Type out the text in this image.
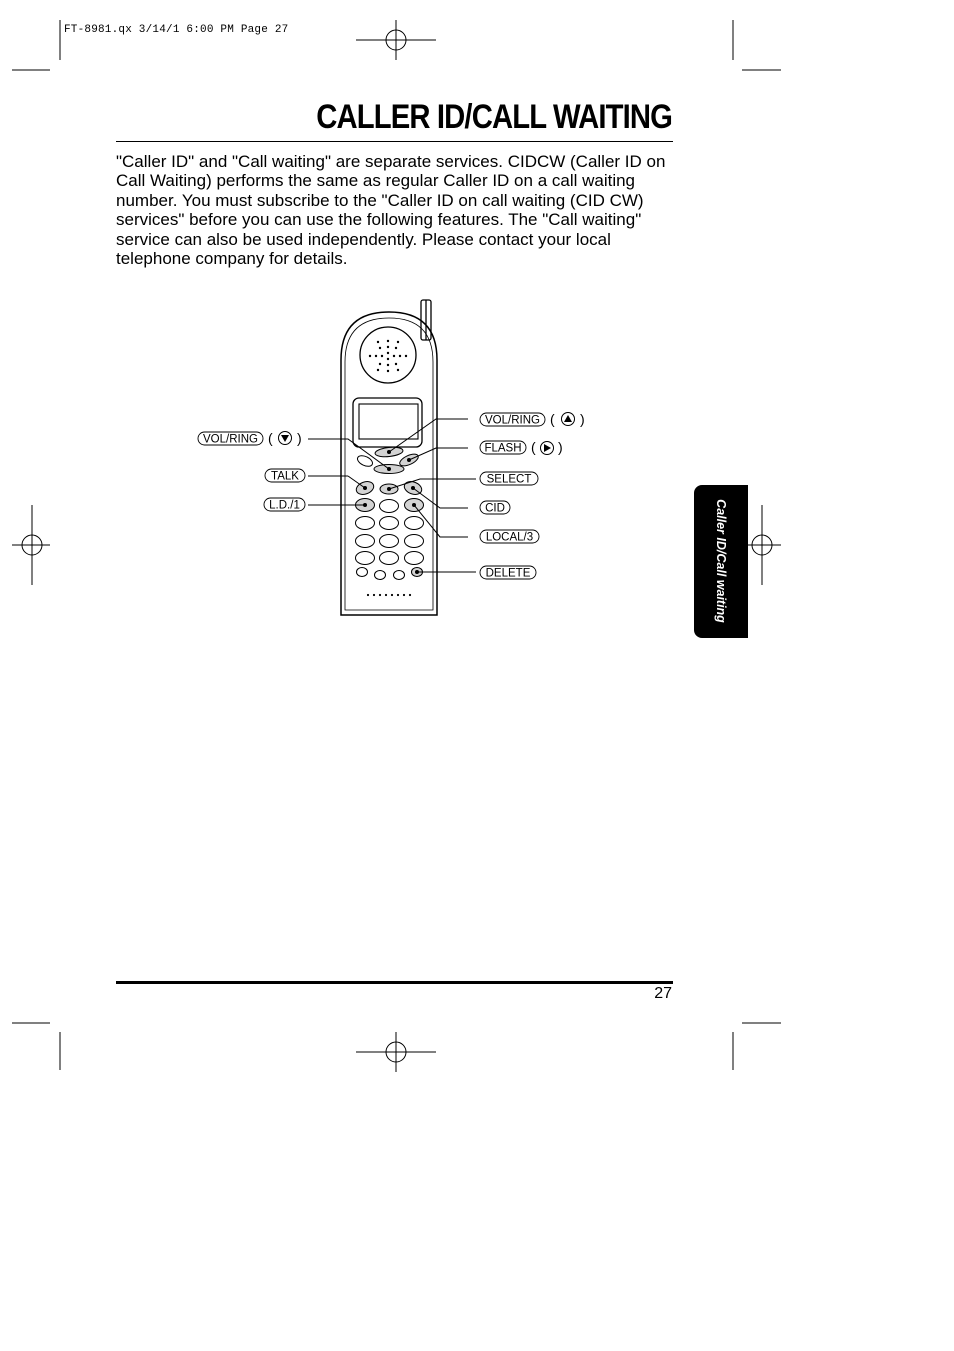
FT-8981.qx 3/14/1 6:00 PM Page 27
CALLER ID/CALL WAITING

"Caller ID" and "Call waiting" are separate services. CIDCW (Caller ID on Call Waiting) performs the same as regular Caller ID on a call waiting number. You must subscribe to the "Caller ID on call waiting (CID CW) services" before you can use the following features. The "Call waiting" service can also be used independently. Please contact your local telephone company for details.

VOL/RING ( )
TALK
L.D./1
VOL/RING ( )
FLASH ( )
SELECT
CID
LOCAL/3
DELETE	Caller ID/Call waiting
27
